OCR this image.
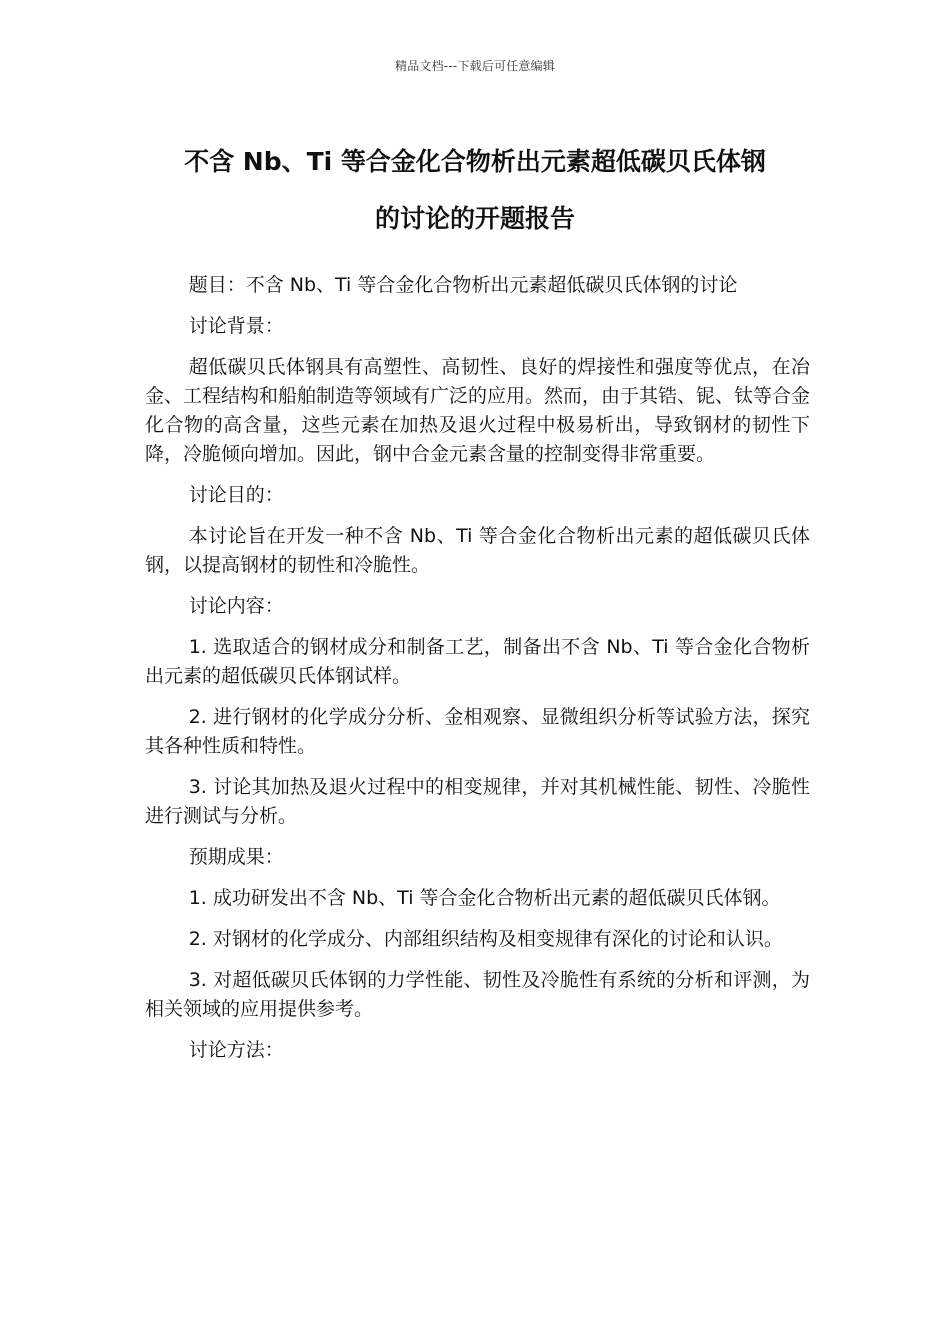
精品文档---下载后可任意编辑
不含 Nb、Ti 等合金化合物析出元素超低碳贝氏体钢
的讨论的开题报告

题目：不含 Nb、Ti 等合金化合物析出元素超低碳贝氏体钢的讨论

讨论背景：

超低碳贝氏体钢具有高塑性、高韧性、良好的焊接性和强度等优点，在冶金、工程结构和船舶制造等领域有广泛的应用。然而，由于其锆、铌、钛等合金化合物的高含量，这些元素在加热及退火过程中极易析出，导致钢材的韧性下降，冷脆倾向增加。因此，钢中合金元素含量的控制变得非常重要。

讨论目的：

本讨论旨在开发一种不含 Nb、Ti 等合金化合物析出元素的超低碳贝氏体钢，以提高钢材的韧性和冷脆性。

讨论内容：

1. 选取适合的钢材成分和制备工艺，制备出不含 Nb、Ti 等合金化合物析出元素的超低碳贝氏体钢试样。

2. 进行钢材的化学成分分析、金相观察、显微组织分析等试验方法，探究其各种性质和特性。

3. 讨论其加热及退火过程中的相变规律，并对其机械性能、韧性、冷脆性进行测试与分析。

预期成果：

1. 成功研发出不含 Nb、Ti 等合金化合物析出元素的超低碳贝氏体钢。

2. 对钢材的化学成分、内部组织结构及相变规律有深化的讨论和认识。

3. 对超低碳贝氏体钢的力学性能、韧性及冷脆性有系统的分析和评测，为相关领域的应用提供参考。

讨论方法：
